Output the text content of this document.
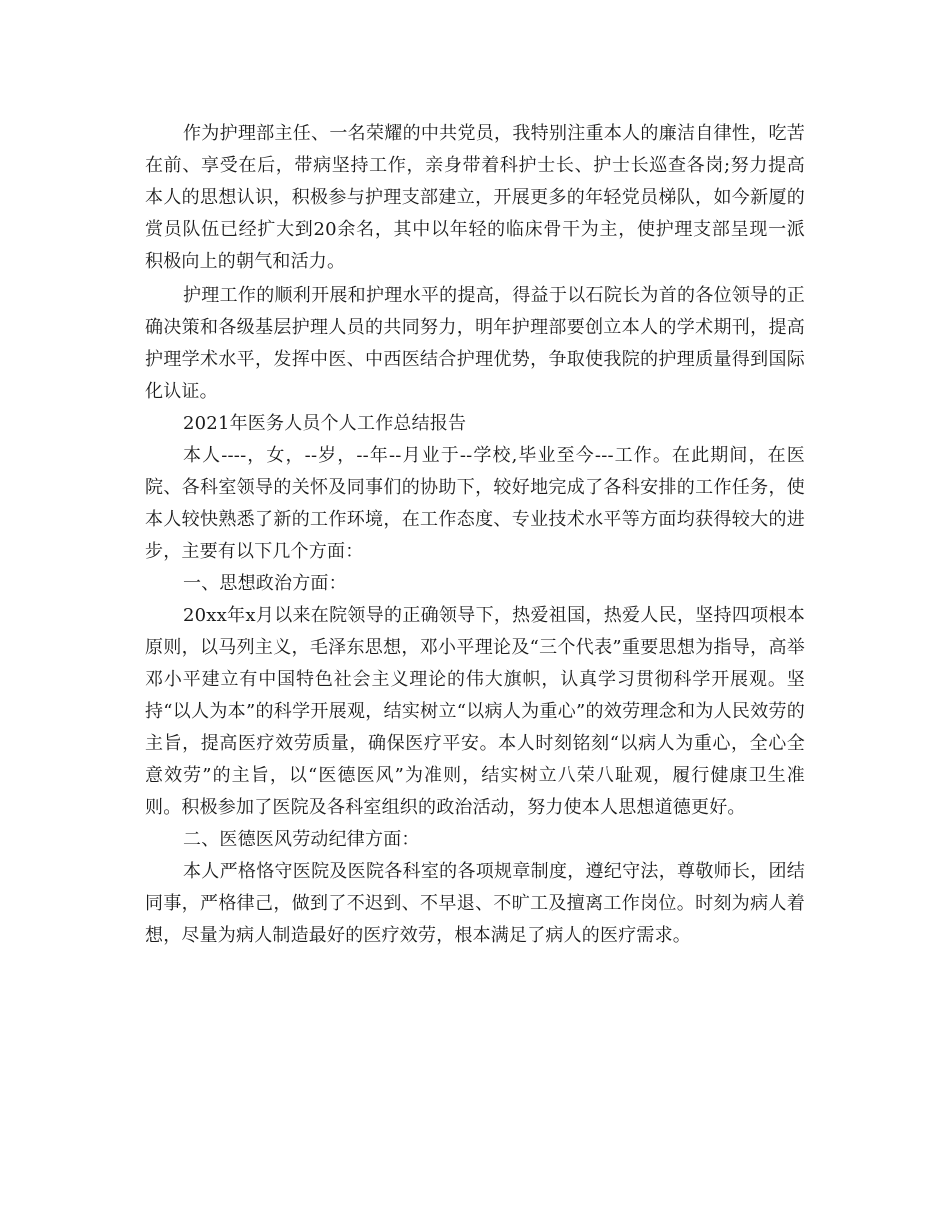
作为护理部主任、一名荣耀的中共党员，我特别注重本人的廉洁自律性，吃苦在前、享受在后，带病坚持工作，亲身带着科护士长、护士长巡查各岗;努力提高本人的思想认识，积极参与护理支部建立，开展更多的年轻党员梯队，如今新厦的赏员队伍已经扩大到20余名，其中以年轻的临床骨干为主，使护理支部呈现一派积极向上的朝气和活力。

护理工作的顺利开展和护理水平的提高，得益于以石院长为首的各位领导的正确决策和各级基层护理人员的共同努力，明年护理部要创立本人的学术期刊，提高护理学术水平，发挥中医、中西医结合护理优势，争取使我院的护理质量得到国际化认证。

2021年医务人员个人工作总结报告

本人----，女，--岁，--年--月业于--学校,毕业至今---工作。在此期间，在医院、各科室领导的关怀及同事们的协助下，较好地完成了各科安排的工作任务，使本人较快熟悉了新的工作环境，在工作态度、专业技术水平等方面均获得较大的进步，主要有以下几个方面：

一、思想政治方面：

20xx年x月以来在院领导的正确领导下，热爱祖国，热爱人民，坚持四项根本原则，以马列主义，毛泽东思想，邓小平理论及“三个代表”重要思想为指导，高举邓小平建立有中国特色社会主义理论的伟大旗帜，认真学习贯彻科学开展观。坚持“以人为本”的科学开展观，结实树立“以病人为重心”的效劳理念和为人民效劳的主旨，提高医疗效劳质量，确保医疗平安。本人时刻铭刻“以病人为重心，全心全意效劳”的主旨，以“医德医风”为准则，结实树立八荣八耻观，履行健康卫生准则。积极参加了医院及各科室组织的政治活动，努力使本人思想道德更好。

二、医德医风劳动纪律方面：

本人严格恪守医院及医院各科室的各项规章制度，遵纪守法，尊敬师长，团结同事，严格律己，做到了不迟到、不早退、不旷工及擅离工作岗位。时刻为病人着想，尽量为病人制造最好的医疗效劳，根本满足了病人的医疗需求。
